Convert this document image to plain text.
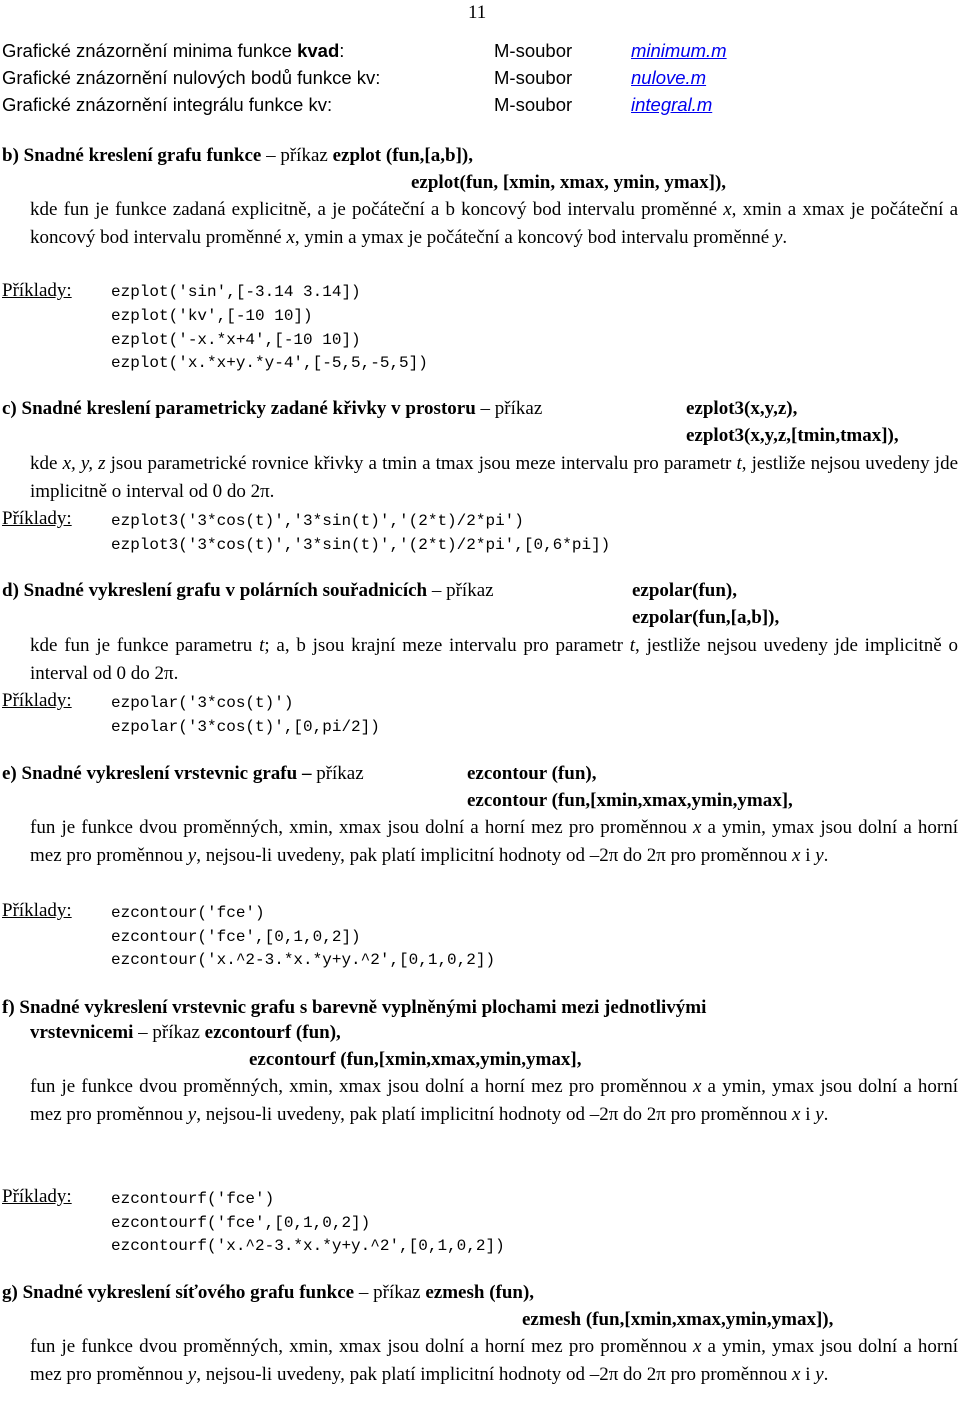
11
Grafické znázornění minima funkce kvad:	M-soubor	minimum.m
Grafické znázornění nulových bodů funkce kv:	M-soubor	nulove.m
Grafické znázornění integrálu funkce kv:	M-soubor	integral.m
b) Snadné kreslení grafu funkce – příkaz ezplot (fun,[a,b]),
ezplot(fun, [xmin, xmax, ymin, ymax]),
kde fun je funkce zadaná explicitně, a je počáteční a b koncový bod intervalu proměnné x, xmin a xmax je počáteční a koncový bod intervalu proměnné x, ymin a ymax je počáteční a koncový bod intervalu proměnné y.
Příklady: ezplot('sin',[-3.14 3.14])
ezplot('kv',[-10 10])
ezplot('-x.*x+4',[-10 10])
ezplot('x.*x+y.*y-4',[-5,5,-5,5])
c) Snadné kreslení parametricky zadané křivky v prostoru – příkaz	ezplot3(x,y,z),
ezplot3(x,y,z,[tmin,tmax]),
kde x, y, z jsou parametrické rovnice křivky a tmin a tmax jsou meze intervalu pro parametr t, jestliže nejsou uvedeny jde implicitně o interval od 0 do 2π.
Příklady: ezplot3('3*cos(t)','3*sin(t)','(2*t)/2*pi')
ezplot3('3*cos(t)','3*sin(t)','(2*t)/2*pi',[0,6*pi])
d) Snadné vykreslení grafu v polárních souřadnicích – příkaz	ezpolar(fun),
ezpolar(fun,[a,b]),
kde fun je funkce parametru t; a, b jsou krajní meze intervalu pro parametr t, jestliže nejsou uvedeny jde implicitně o interval od 0 do 2π.
Příklady: ezpolar('3*cos(t)')
ezpolar('3*cos(t)',[0,pi/2])
e) Snadné vykreslení vrstevnic grafu – příkaz	ezcontour (fun),
ezcontour (fun,[xmin,xmax,ymin,ymax],
fun je funkce dvou proměnných, xmin, xmax jsou dolní a horní mez pro proměnnou x a ymin, ymax jsou dolní a horní mez pro proměnnou y, nejsou-li uvedeny, pak platí implicitní hodnoty od –2π do 2π pro proměnnou x i y.
Příklady: ezcontour('fce')
ezcontour('fce',[0,1,0,2])
ezcontour('x.^2-3.*x.*y+y.^2',[0,1,0,2])
f) Snadné vykreslení vrstevnic grafu s barevně vyplněnými plochami mezi jednotlivými
vrstevnicemi – příkaz ezcontourf (fun),
ezcontourf (fun,[xmin,xmax,ymin,ymax],
fun je funkce dvou proměnných, xmin, xmax jsou dolní a horní mez pro proměnnou x a ymin, ymax jsou dolní a horní mez pro proměnnou y, nejsou-li uvedeny, pak platí implicitní hodnoty od –2π do 2π pro proměnnou x i y.
Příklady: ezcontourf('fce')
ezcontourf('fce',[0,1,0,2])
ezcontourf('x.^2-3.*x.*y+y.^2',[0,1,0,2])
g) Snadné vykreslení síťového grafu funkce – příkaz ezmesh (fun),
ezmesh (fun,[xmin,xmax,ymin,ymax]),
fun je funkce dvou proměnných, xmin, xmax jsou dolní a horní mez pro proměnnou x a ymin, ymax jsou dolní a horní mez pro proměnnou y, nejsou-li uvedeny, pak platí implicitní hodnoty od –2π do 2π pro proměnnou x i y.
